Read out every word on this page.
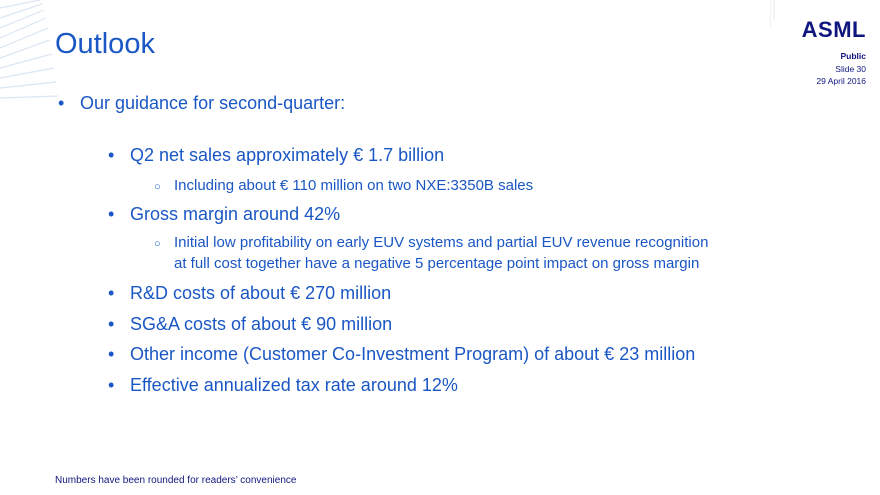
Outlook	ASML
Public
Slide 30
29 April 2016
• Our guidance for second-quarter:
• Q2 net sales approximately € 1.7 billion
○ Including about € 110 million on two NXE:3350B sales
• Gross margin around 42%
○ Initial low profitability on early EUV systems and partial EUV revenue recognition
at full cost together have a negative 5 percentage point impact on gross margin
• R&D costs of about € 270 million
• SG&A costs of about € 90 million
• Other income (Customer Co-Investment Program) of about € 23 million
• Effective annualized tax rate around 12%
Numbers have been rounded for readers’ convenience
